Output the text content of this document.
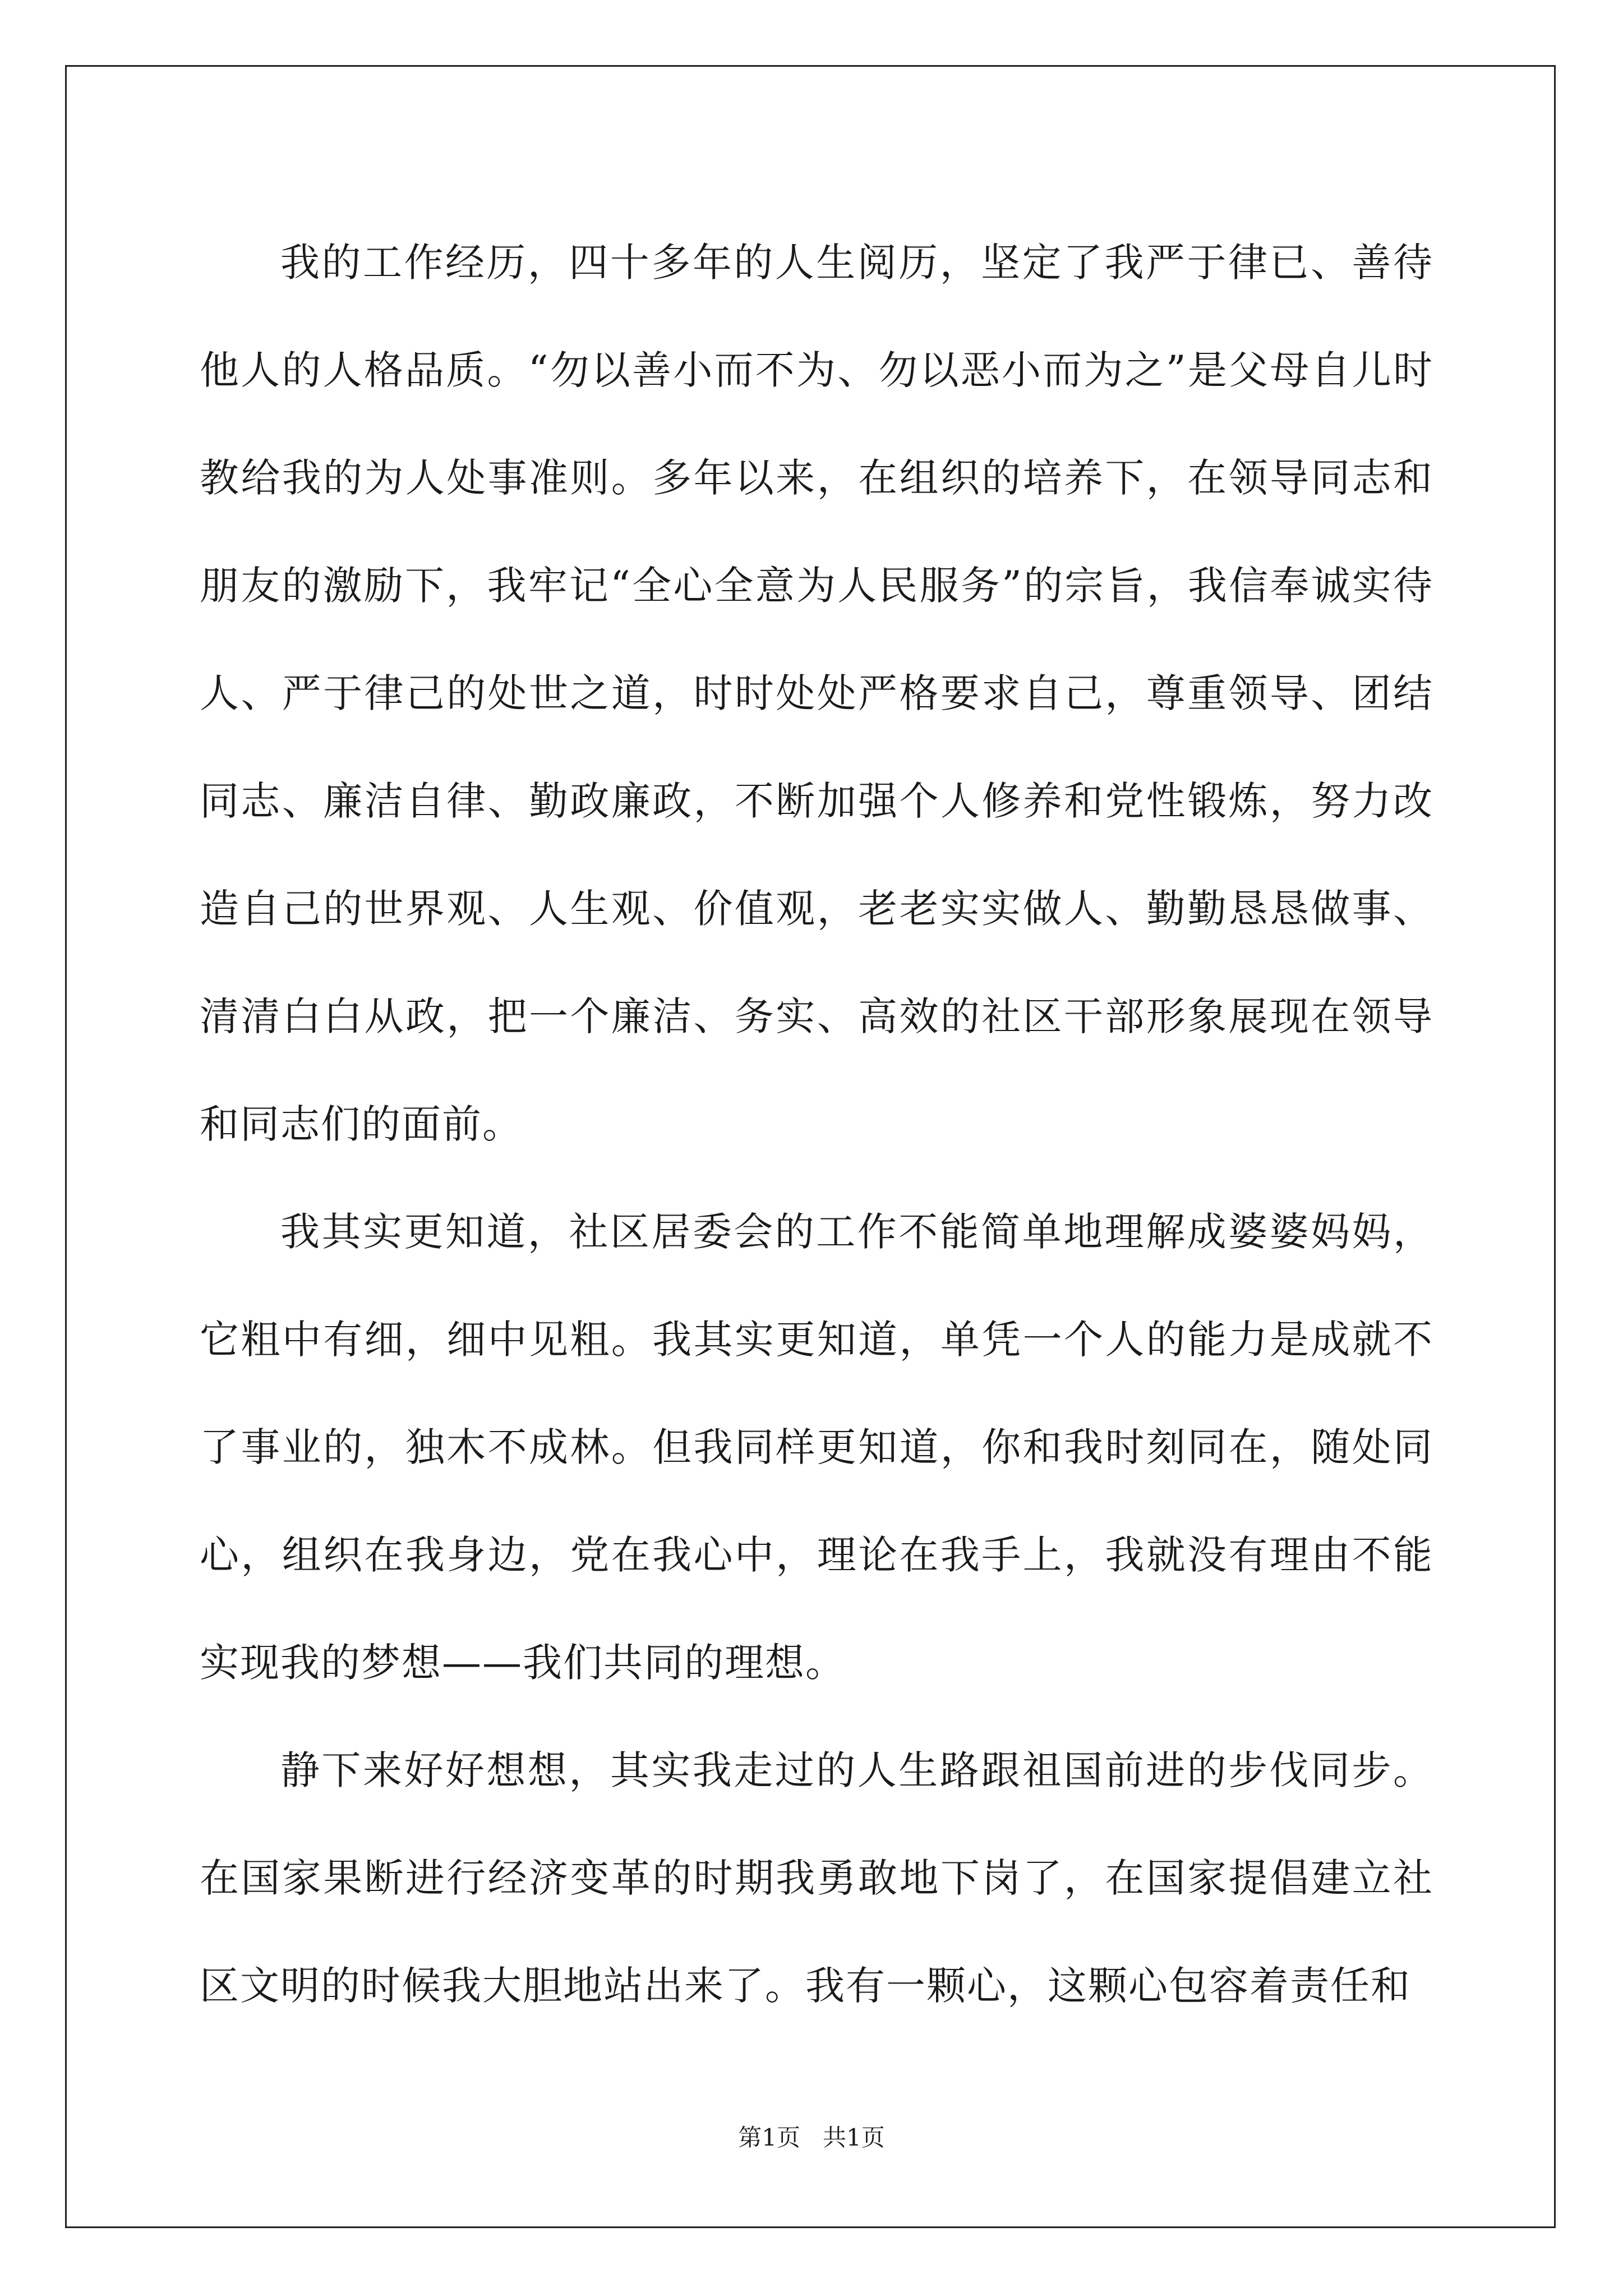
我的工作经历，四十多年的人生阅历，坚定了我严于律已、善待他人的人格品质。“勿以善小而不为、勿以恶小而为之”是父母自儿时教给我的为人处事准则。多年以来，在组织的培养下，在领导同志和朋友的激励下，我牢记“全心全意为人民服务”的宗旨，我信奉诚实待人、严于律己的处世之道，时时处处严格要求自己，尊重领导、团结同志、廉洁自律、勤政廉政，不断加强个人修养和党性锻炼，努力改造自己的世界观、人生观、价值观，老老实实做人、勤勤恳恳做事、清清白白从政，把一个廉洁、务实、高效的社区干部形象展现在领导和同志们的面前。

我其实更知道，社区居委会的工作不能简单地理解成婆婆妈妈，它粗中有细，细中见粗。我其实更知道，单凭一个人的能力是成就不了事业的，独木不成林。但我同样更知道，你和我时刻同在，随处同心，组织在我身边，党在我心中，理论在我手上，我就没有理由不能实现我的梦想——我们共同的理想。

静下来好好想想，其实我走过的人生路跟祖国前进的步伐同步。在国家果断进行经济变革的时期我勇敢地下岗了，在国家提倡建立社区文明的时候我大胆地站出来了。我有一颗心，这颗心包容着责任和

第1页   共1页
